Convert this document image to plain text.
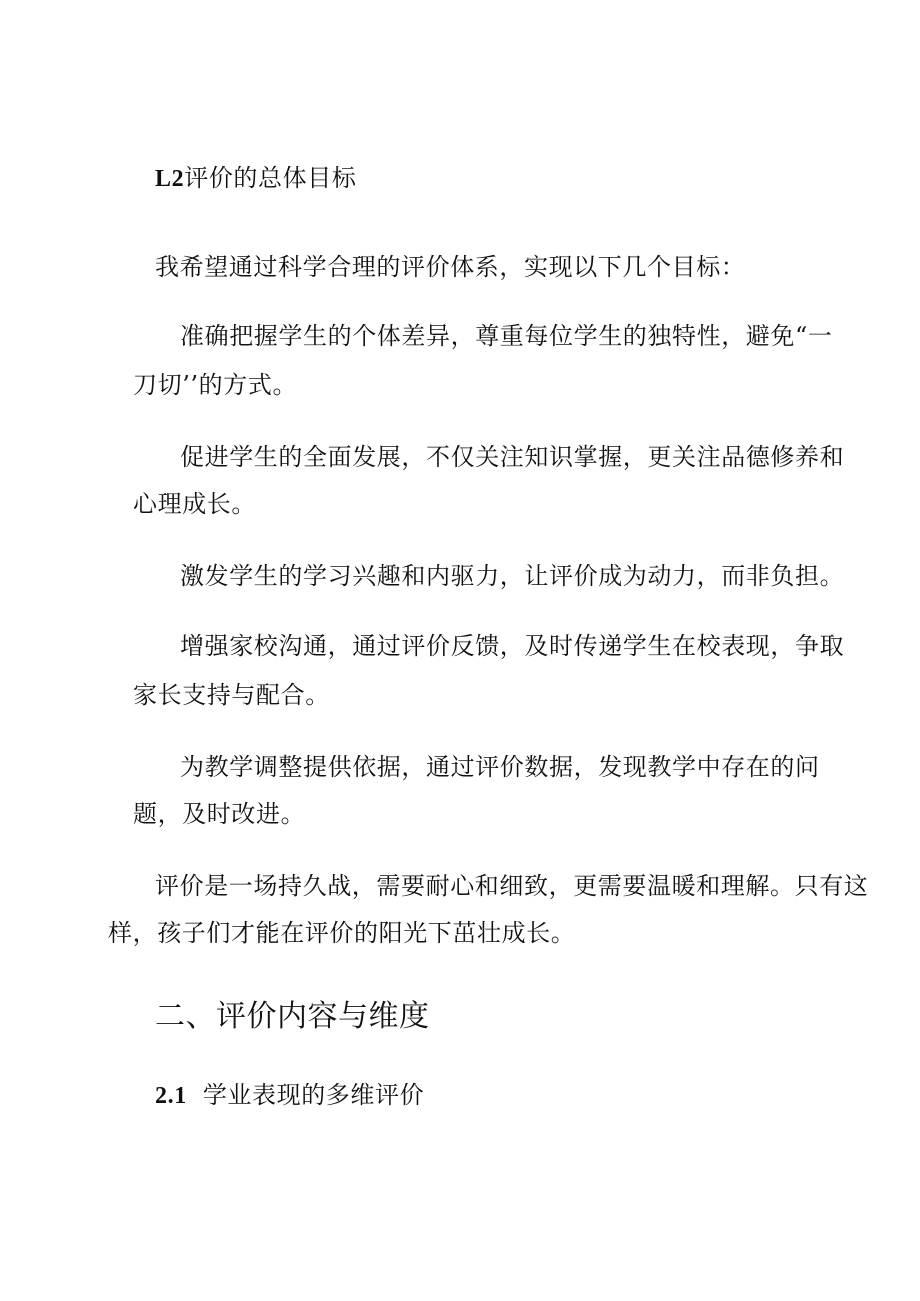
L2评价的总体目标
我希望通过科学合理的评价体系，实现以下几个目标：
准确把握学生的个体差异，尊重每位学生的独特性，避免“一
刀切’’的方式。
促进学生的全面发展，不仅关注知识掌握，更关注品德修养和
心理成长。
激发学生的学习兴趣和内驱力，让评价成为动力，而非负担。
增强家校沟通，通过评价反馈，及时传递学生在校表现，争取
家长支持与配合。
为教学调整提供依据，通过评价数据，发现教学中存在的问
题，及时改进。
评价是一场持久战，需要耐心和细致，更需要温暖和理解。只有这
样，孩子们才能在评价的阳光下茁壮成长。
二、评价内容与维度
2.1 学业表现的多维评价
